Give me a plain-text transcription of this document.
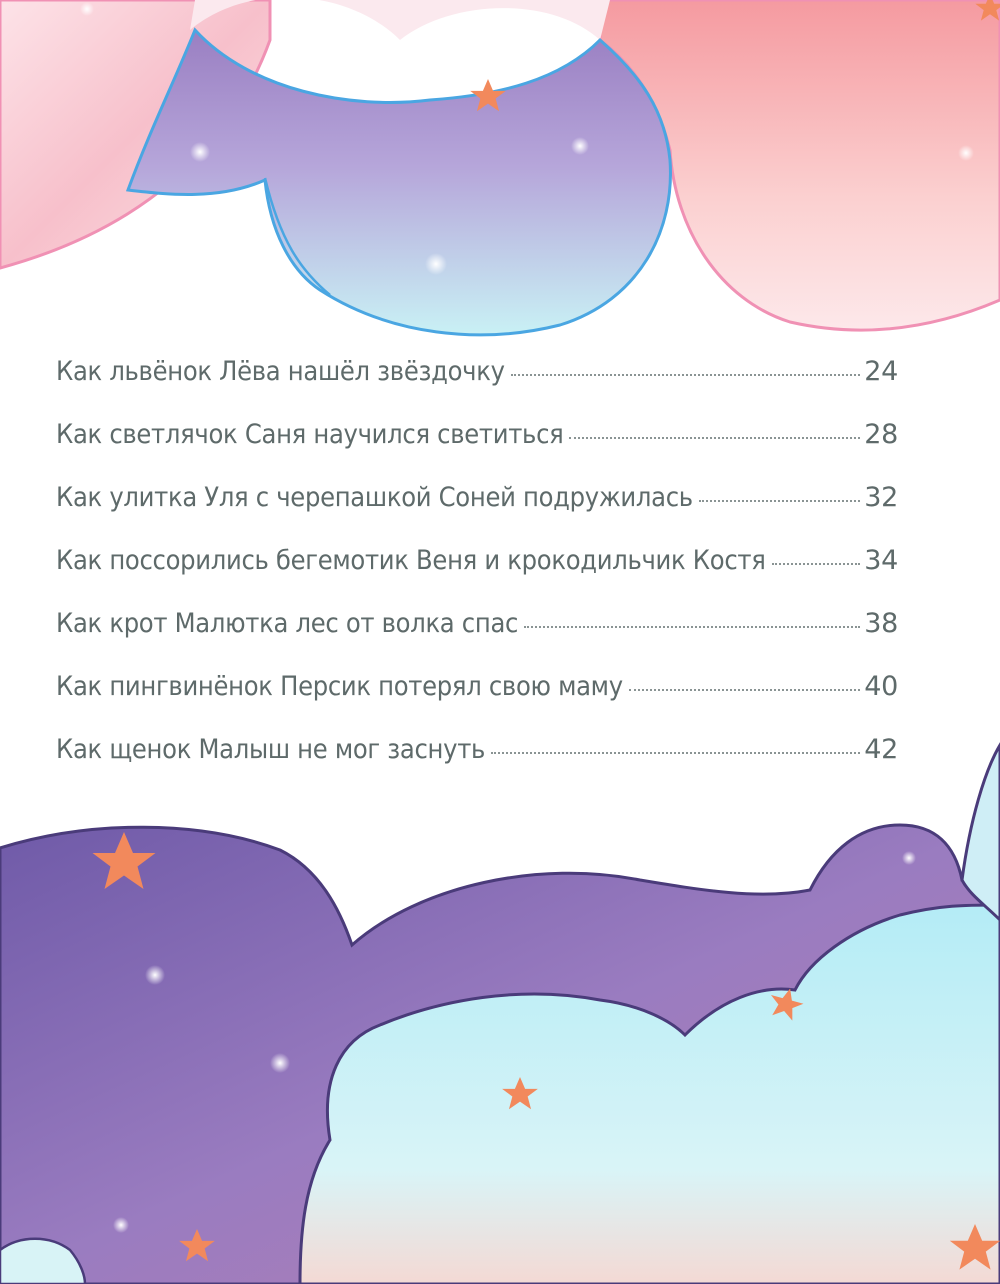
Как львёнок Лёва нашёл звёздочку	24
Как светлячок Саня научился светиться	28
Как улитка Уля с черепашкой Соней подружилась	32
Как поссорились бегемотик Веня и крокодильчик Костя	34
Как крот Малютка лес от волка спас	38
Как пингвинёнок Персик потерял свою маму	40
Как щенок Малыш не мог заснуть	42
